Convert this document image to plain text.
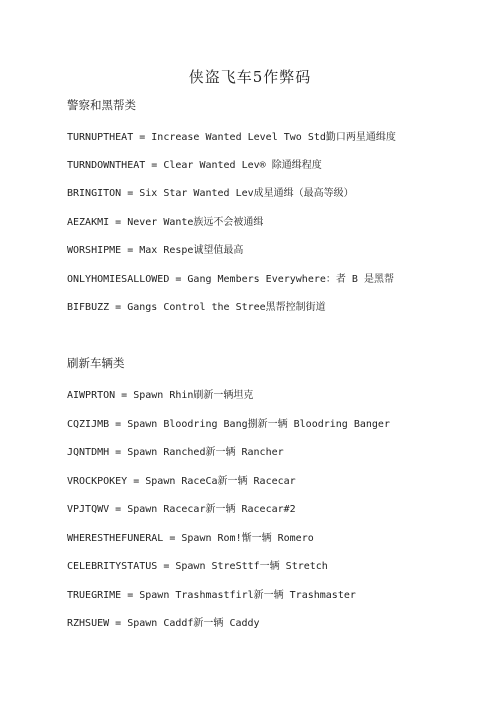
侠盗飞车5作弊码
警察和黑帮类
TURNUPTHEAT = Increase Wanted Level Two Std勤口两星通缉度
TURNDOWNTHEAT = Clear Wanted Lev® 除通缉程度
BRINGITON = Six Star Wanted Lev成星通缉（最高等级）
AEZAKMI = Never Wante族远不会被通缉
WORSHIPME = Max Respe诚望值最高
ONLYHOMIESALLOWED = Gang Members Everywhere：者 B 是黑帮
BIFBUZZ = Gangs Control the Stree黑帮控制街道
刷新车辆类
AIWPRTON = Spawn Rhin刷新一辆坦克
CQZIJMB = Spawn Bloodring Bang捌新一辆 Bloodring Banger
JQNTDMH = Spawn Ranched新一辆 Rancher
VROCKPOKEY = Spawn RaceCa新一辆 Racecar
VPJTQWV = Spawn Racecar新一辆 Racecar#2
WHERESTHEFUNERAL = Spawn Rom!惭一辆 Romero
CELEBRITYSTATUS = Spawn StreSttf一辆 Stretch
TRUEGRIME = Spawn Trashmastfirl新一辆 Trashmaster
RZHSUEW = Spawn Caddf新一辆 Caddy
